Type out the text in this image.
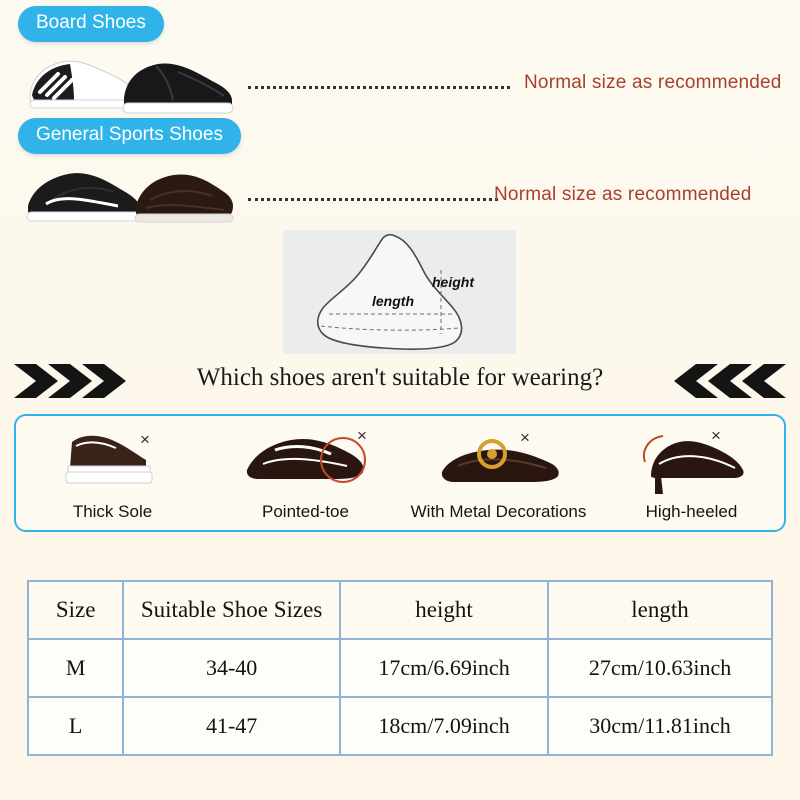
Board Shoes
Normal size as recommended
General Sports Shoes
Normal size as recommended
height
length
Which shoes aren't suitable for wearing?
×
Thick Sole
×
Pointed-toe
×
With Metal Decorations
×
High-heeled
Size	Suitable Shoe Sizes	height	length
M	34-40	17cm/6.69inch	27cm/10.63inch
L	41-47	18cm/7.09inch	30cm/11.81inch
